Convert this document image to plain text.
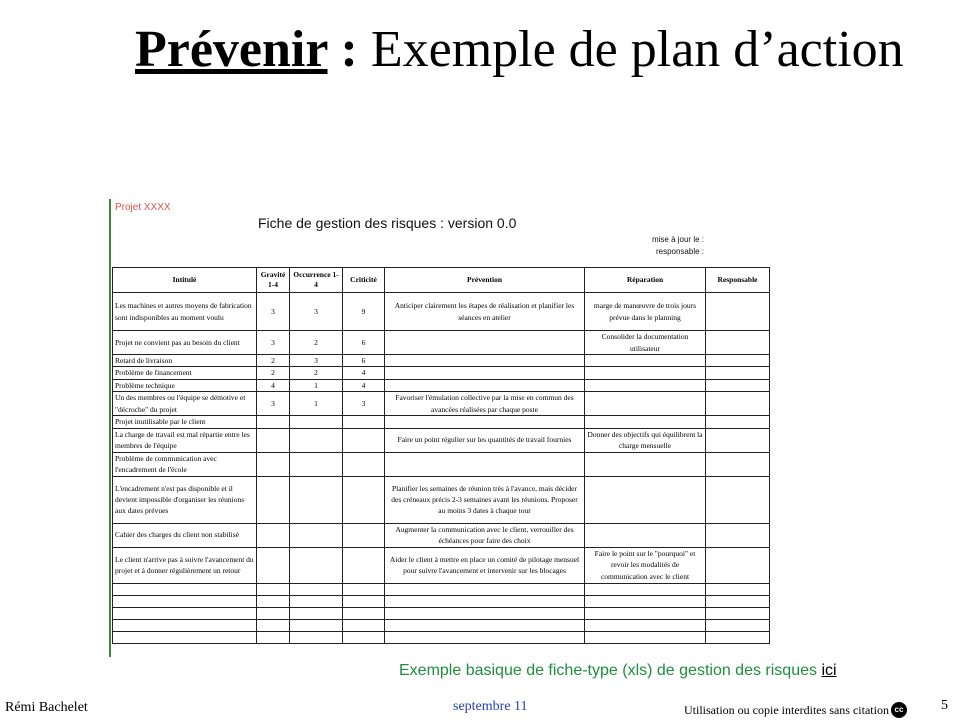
Prévenir : Exemple de plan d’action
Projet XXXX
Fiche de gestion des risques : version 0.0
mise à jour le :
responsable :
Intitulé	Gravité 1-4	Occurrence 1-4	Criticité	Prévention	Réparation	Responsable
Les machines et autres moyens de fabrication sont indisponibles au moment voulu	3	3	9	Anticiper clairement les étapes de réalisation et planifier les séances en atelier	marge de manœuvre de trois jours prévue dans le planning	
Projet ne convient pas au besoin du client	3	2	6		Consolider la documentation utilisateur	
Retard de livraison	2	3	6			
Problème de financement	2	2	4			
Problème technique	4	1	4			
Un des membres ou l'équipe se démotive et "décroche" du projet	3	1	3	Favoriser l'émulation collective par la mise en commun des avancées réalisées par chaque poste		
Projet inutilisable par le client						
La charge de travail est mal répartie entre les membres de l'équipe				Faire un point régulier sur les quantités de travail fournies	Donner des objectifs qui équilibrent la charge mensuelle	
Problème de communication avec l'encadrement de l'école						
L'encadrement n'est pas disponible et il devient impossible d'organiser les réunions aux dates prévues				Planifier les semaines de réunion très à l'avance, mais décider des créneaux précis 2-3 semaines avant les réunions. Proposer au moins 3 dates à chaque tour		
Cahier des charges du client non stabilisé				Augmenter la communication avec le client, verrouiller des échéances pour faire des choix		
Le client n'arrive pas à suivre l'avancement du projet et à donner régulièrement un retour				Aider le client à mettre en place un comité de pilotage mensuel pour suivre l'avancement et intervenir sur les blocages	Faire le point sur le "pourquoi" et revoir les modalités de communication avec le client	

Exemple basique de fiche-type (xls) de gestion des risques ici
Rémi Bachelet	septembre 11	Utilisation ou copie interdites sans citation cc	5
